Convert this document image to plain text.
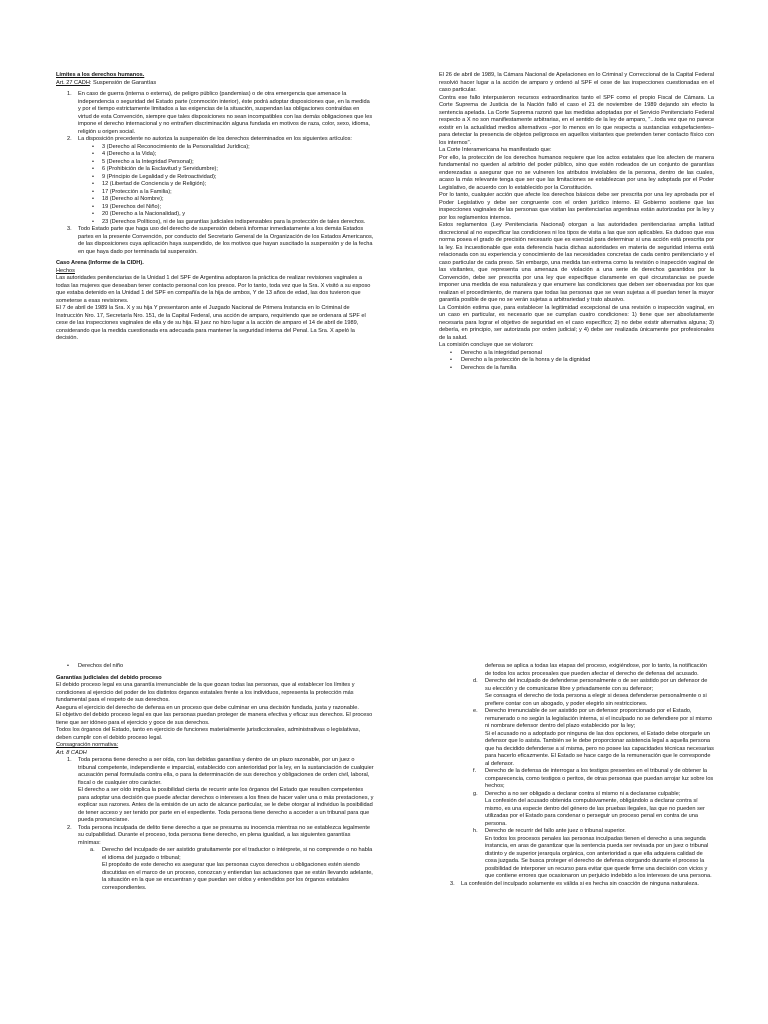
Límites a los derechos humanos.

Art. 27 CADH: Suspensión de Garantías

1. En caso de guerra (interna o externa), de peligro público (pandemias) o de otra emergencia que amenace la independencia o seguridad del Estado parte (conmoción interior), éste podrá adoptar disposiciones que, en la medida y por el tiempo estrictamente limitados a las exigencias de la situación, suspendan las obligaciones contraídas en virtud de esta Convención, siempre que tales disposiciones no sean incompatibles con las demás obligaciones que les impone el derecho internacional y no entrañen discriminación alguna fundada en motivos de raza, color, sexo, idioma, religión u origen social.
2. La disposición precedente no autoriza la suspensión de los derechos determinados en los siguientes artículos:
• 3 (Derecho al Reconocimiento de la Personalidad Jurídica);
• 4 (Derecho a la Vida);
• 5 (Derecho a la Integridad Personal);
• 6 (Prohibición de la Esclavitud y Servidumbre);
• 9 (Principio de Legalidad y de Retroactividad);
• 12 (Libertad de Conciencia y de Religión);
• 17 (Protección a la Familia);
• 18 (Derecho al Nombre);
• 19 (Derechos del Niño);
• 20 (Derecho a la Nacionalidad), y
• 23 (Derechos Políticos), ni de las garantías judiciales indispensables para la protección de tales derechos.
3. Todo Estado parte que haga uso del derecho de suspensión deberá informar inmediatamente a los demás Estados partes en la presente Convención, por conducto del Secretario General de la Organización de los Estados Americanos, de las disposiciones cuya aplicación haya suspendido, de los motivos que hayan suscitado la suspensión y de la fecha en que haya dado por terminada tal suspensión.

Caso Arena (Informe de la CIDH).

Hechos

Las autoridades penitenciarias de la Unidad 1 del SPF de Argentina adoptaron la práctica de realizar revisiones vaginales a todas las mujeres que deseaban tener contacto personal con los presos. Por lo tanto, toda vez que la Sra. X visitó a su esposo que estaba detenido en la Unidad 1 del SPF en compañía de la hija de ambos, Y de 13 años de edad, las dos tuvieron que someterse a esas revisiones.

El 7 de abril de 1989 la Sra. X y su hija Y presentaron ante el Juzgado Nacional de Primera Instancia en lo Criminal de Instrucción Nro. 17, Secretaría Nro. 151, de la Capital Federal, una acción de amparo, requiriendo que se ordenara al SPF el cese de las inspecciones vaginales de ella y de su hija. El juez no hizo lugar a la acción de amparo el 14 de abril de 1989, considerando que la medida cuestionada era adecuada para mantener la seguridad interna del Penal. La Sra. X apeló la decisión.

El 26 de abril de 1989, la Cámara Nacional de Apelaciones en lo Criminal y Correccional de la Capital Federal resolvió hacer lugar a la acción de amparo y ordenó al SPF el cese de las inspecciones cuestionadas en el caso particular.

Contra ese fallo interpusieron recursos extraordinarios tanto el SPF como el propio Fiscal de Cámara. La Corte Suprema de Justicia de la Nación falló el caso el 21 de noviembre de 1989 dejando sin efecto la sentencia apelada. La Corte Suprema razonó que las medidas adoptadas por el Servicio Penitenciario Federal respecto a X no son manifiestamente arbitrarias, en el sentido de la ley de amparo, "...toda vez que no parece existir en la actualidad medios alternativos –por lo menos en lo que respecta a sustancias estupefacientes– para detectar la presencia de objetos peligrosos en aquellos visitantes que pretenden tener contacto físico con los internos".

La Corte Interamericana ha manifestado que:

Por ello, la protección de los derechos humanos requiere que los actos estatales que los afecten de manera fundamental no queden al arbitrio del poder público, sino que estén rodeados de un conjunto de garantías enderezadas a asegurar que no se vulneren los atributos inviolables de la persona, dentro de las cuales, acaso la más relevante tenga que ser que las limitaciones se establezcan por una ley adoptada por el Poder Legislativo, de acuerdo con lo establecido por la Constitución.

Por lo tanto, cualquier acción que afecte los derechos básicos debe ser prescrita por una ley aprobada por el Poder Legislativo y debe ser congruente con el orden jurídico interno. El Gobierno sostiene que las inspecciones vaginales de las personas que visitan las penitenciarías argentinas están autorizadas por la ley y por los reglamentos internos.

Estos reglamentos (Ley Penitenciaria Nacional) otorgan a las autoridades penitenciarias amplia latitud discrecional al no especificar las condiciones ni los tipos de visita a las que son aplicables. Es dudoso que esa norma posea el grado de precisión necesario que es esencial para determinar si una acción está prescrita por la ley. Es incuestionable que esta deferencia hacia dichas autoridades en materia de seguridad interna está relacionada con su experiencia y conocimiento de las necesidades concretas de cada centro penitenciario y el caso particular de cada preso. Sin embargo, una medida tan extrema como la revisión o inspección vaginal de las visitantes, que representa una amenaza de violación a una serie de derechos garantidos por la Convención, debe ser prescrita por una ley que especifique claramente en qué circunstancias se puede imponer una medida de esa naturaleza y que enumere las condiciones que deben ser observadas por los que realizan el procedimiento, de manera que todas las personas que se vean sujetas a él puedan tener la mayor garantía posible de que no se verán sujetas a arbitrariedad y trato abusivo.

La Comisión estima que, para establecer la legitimidad excepcional de una revisión o inspección vaginal, en un caso en particular, es necesario que se cumplan cuatro condiciones: 1) tiene que ser absolutamente necesaria para lograr el objetivo de seguridad en el caso específico; 2) no debe existir alternativa alguna; 3) debería, en principio, ser autorizada por orden judicial; y 4) debe ser realizada únicamente por profesionales de la salud.

La comisión concluye que se violaron:

• Derecho a la integridad personal
• Derecho a la protección de la honra y de la dignidad
• Derechos de la familia
• Derechos del niño

Garantías judiciales del debido proceso

El debido proceso legal es una garantía irrenunciable de la que gozan todas las personas, que al establecer los límites y condiciones al ejercicio del poder de los distintos órganos estatales frente a los individuos, representa la protección más fundamental para el respeto de sus derechos.

Asegura el ejercicio del derecho de defensa en un proceso que debe culminar en una decisión fundada, justa y razonable.

El objetivo del debido proceso legal es que las personas puedan proteger de manera efectiva y eficaz sus derechos. El proceso tiene que ser idóneo para el ejercicio y goce de sus derechos.

Todos los órganos del Estado, tanto en ejercicio de funciones materialmente jurisdiccionales, administrativas o legislativas, deben cumplir con el debido proceso legal.

Consagración normativa:

Art. 8 CADH

1. Toda persona tiene derecho a ser oída, con las debidas garantías y dentro de un plazo razonable, por un juez o tribunal competente, independiente e imparcial, establecido con anterioridad por la ley, en la sustanciación de cualquier acusación penal formulada contra ella, o para la determinación de sus derechos y obligaciones de orden civil, laboral, fiscal o de cualquier otro carácter.
El derecho a ser oído implica la posibilidad cierta de recurrir ante los órganos del Estado que resulten competentes para adoptar una decisión que puede afectar derechos o intereses a los fines de hacer valer una o más prestaciones, y explicar sus razones. Antes de la emisión de un acto de alcance particular, se le debe otorgar al individuo la posibilidad de tener acceso y ser tenido por parte en el expediente. Toda persona tiene derecho a acceder a un tribunal para que pueda pronunciarse.
2. Toda persona inculpada de delito tiene derecho a que se presuma su inocencia mientras no se establezca legalmente su culpabilidad. Durante el proceso, toda persona tiene derecho, en plena igualdad, a las siguientes garantías mínimas:
a. Derecho del inculpado de ser asistido gratuitamente por el traductor o intérprete, si no comprende o no habla el idioma del juzgado o tribunal;
El propósito de este derecho es asegurar que las personas cuyos derechos u obligaciones estén siendo discutidas en el marco de un proceso, conozcan y entiendan las actuaciones que se están llevando adelante, la situación en la que se encuentran y que puedan ser oídos y entendidos por los órganos estatales correspondientes.
defensa se aplica a todas las etapas del proceso, exigiéndose, por lo tanto, la notificación de todos los actos procesales que pueden afectar el derecho de defensa del acusado.
d. Derecho del inculpado de defenderse personalmente o de ser asistido por un defensor de su elección y de comunicarse libre y privadamente con su defensor;
Se consagra el derecho de toda persona a elegir si desea defenderse personalmente o si prefiere contar con un abogado, y poder elegirlo sin restricciones.
e. Derecho irrenunciable de ser asistido por un defensor proporcionado por el Estado, remunerado o no según la legislación interna, si el inculpado no se defendiere por sí mismo ni nombrare defensor dentro del plazo establecido por la ley;
Si el acusado no a adoptado por ninguna de las dos opciones, el Estado debe otorgarle un defensor que lo asista. También se le debe proporcionar asistencia legal a aquella persona que ha decidido defenderse a sí misma, pero no posee las capacidades técnicas necesarias para hacerlo eficazmente. El Estado se hace cargo de la remuneración que le corresponde al defensor.
f. Derecho de la defensa de interrogar a los testigos presentes en el tribunal y de obtener la comparecencia, como testigos o peritos, de otras personas que puedan arrojar luz sobre los hechos;
g. Derecho a no ser obligado a declarar contra sí mismo ni a declararse culpable;
La confesión del acusado obtenida compulsivamente, obligándolo a declarar contra sí mismo, es una especie dentro del género de las pruebas ilegales, las que no pueden ser utilizadas por el Estado para condenar o perseguir un proceso penal en contra de una persona.
h. Derecho de recurrir del fallo ante juez o tribunal superior.
En todos los procesos penales las personas inculpadas tienen el derecho a una segunda instancia, en aras de garantizar que la sentencia pueda ser revisada por un juez o tribunal distinto y de superior jerarquía orgánica, con anterioridad a que ella adquiera calidad de cosa juzgada. Se busca proteger el derecho de defensa otorgando durante el proceso la posibilidad de interponer un recurso para evitar que quede firme una decisión con vicios y que contiene errores que ocasionaron un perjuicio indebido a los intereses de una persona.
3. La confesión del inculpado solamente es válida si es hecha sin coacción de ninguna naturaleza.
